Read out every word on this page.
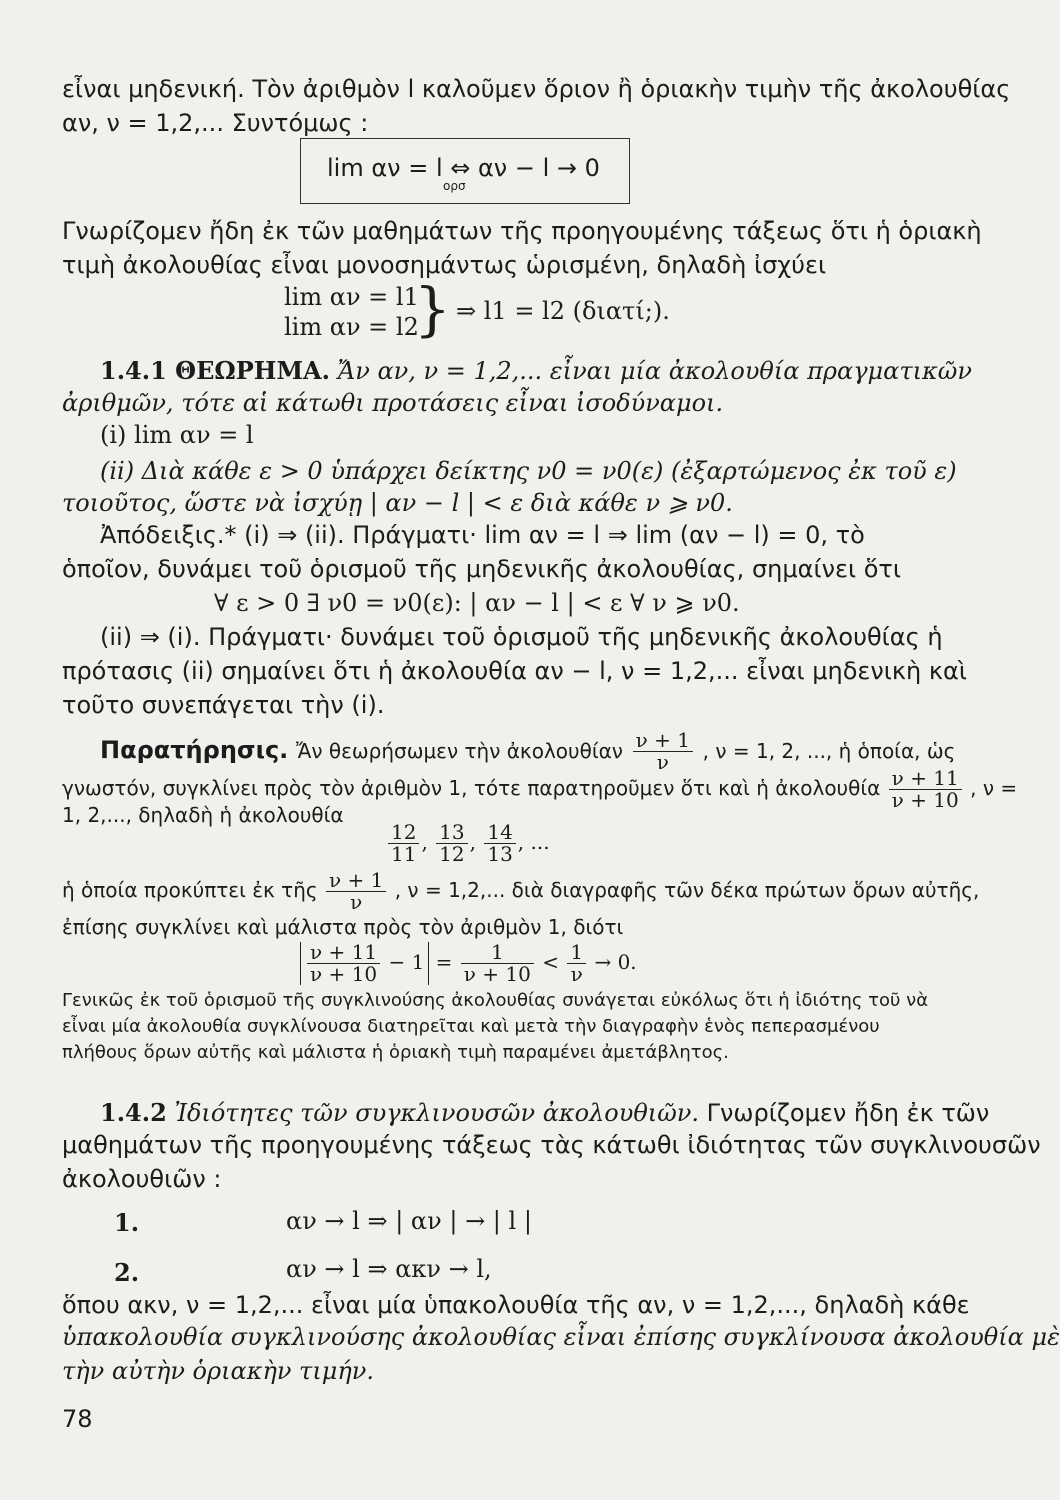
εἶναι μηδενική. Τὸν ἀριθμὸν l καλοῦμεν ὅριον ἢ ὁριακὴν τιμὴν τῆς ἀκολουθίας
αν, ν = 1,2,... Συντόμως :
lim αν = l ⇔ αν − l → 0
ορσ
Γνωρίζομεν ἤδη ἐκ τῶν μαθημάτων τῆς προηγουμένης τάξεως ὅτι ἡ ὁριακὴ
τιμὴ ἀκολουθίας εἶναι μονοσημάντως ὡρισμένη, δηλαδὴ ἰσχύει
lim αν = l1
lim αν = l2
} ⇒ l1 = l2 (διατί;).
1.4.1 ΘΕΩΡΗΜΑ. Ἄν αν, ν = 1,2,... εἶναι μία ἀκολουθία πραγματικῶν
ἀριθμῶν, τότε αἱ κάτωθι προτάσεις εἶναι ἰσοδύναμοι.
(i) lim αν = l
(ii) Διὰ κάθε ε > 0 ὑπάρχει δείκτης ν0 = ν0(ε) (ἐξαρτώμενος ἐκ τοῦ ε)
τοιοῦτος, ὥστε νὰ ἰσχύῃ | αν − l | < ε διὰ κάθε ν ⩾ ν0.
Ἀπόδειξις.* (i) ⇒ (ii). Πράγματι· lim αν = l ⇒ lim (αν − l) = 0, τὸ
ὁποῖον, δυνάμει τοῦ ὁρισμοῦ τῆς μηδενικῆς ἀκολουθίας, σημαίνει ὅτι
∀ ε > 0 ∃ ν0 = ν0(ε): | αν − l | < ε ∀ ν ⩾ ν0.
(ii) ⇒ (i). Πράγματι· δυνάμει τοῦ ὁρισμοῦ τῆς μηδενικῆς ἀκολουθίας ἡ
πρότασις (ii) σημαίνει ὅτι ἡ ἀκολουθία αν − l, ν = 1,2,... εἶναι μηδενικὴ καὶ
τοῦτο συνεπάγεται τὴν (i).
Παρατήρησις. Ἄν θεωρήσωμεν τὴν ἀκολουθίαν $\frac{\nu + 1}{\nu}$ , ν = 1, 2, ..., ἡ ὁποία, ὡς
γνωστόν, συγκλίνει πρὸς τὸν ἀριθμὸν 1, τότε παρατηροῦμεν ὅτι καὶ ἡ ἀκολουθία $\frac{\nu + 11}{\nu + 10}$ , ν =
1, 2,..., δηλαδὴ ἡ ἀκολουθία
$\frac{12}{11}$ , $\frac{13}{12}$ , $\frac{14}{13}$ , ...
ἡ ὁποία προκύπτει ἐκ τῆς $\frac{\nu + 1}{\nu}$ , ν = 1,2,... διὰ διαγραφῆς τῶν δέκα πρώτων ὅρων αὐτῆς,
ἐπίσης συγκλίνει καὶ μάλιστα πρὸς τὸν ἀριθμὸν 1, διότι
$\frac{\nu + 11}{\nu + 10} - 1 = \frac{1}{\nu + 10} < \frac{1}{\nu} \to 0$.
Γενικῶς ἐκ τοῦ ὁρισμοῦ τῆς συγκλινούσης ἀκολουθίας συνάγεται εὐκόλως ὅτι ἡ ἰδιότης τοῦ νὰ
εἶναι μία ἀκολουθία συγκλίνουσα διατηρεῖται καὶ μετὰ τὴν διαγραφὴν ἑνὸς πεπερασμένου
πλήθους ὅρων αὐτῆς καὶ μάλιστα ἡ ὁριακὴ τιμὴ παραμένει ἀμετάβλητος.
1.4.2 Ἰδιότητες τῶν συγκλινουσῶν ἀκολουθιῶν. Γνωρίζομεν ἤδη ἐκ τῶν
μαθημάτων τῆς προηγουμένης τάξεως τὰς κάτωθι ἰδιότητας τῶν συγκλινουσῶν
ἀκολουθιῶν :
1.	αν → l ⇒ | αν | → | l |
2.	αν → l ⇒ ακν → l,
ὅπου ακν, ν = 1,2,... εἶναι μία ὑπακολουθία τῆς αν, ν = 1,2,..., δηλαδὴ κάθε
ὑπακολουθία συγκλινούσης ἀκολουθίας εἶναι ἐπίσης συγκλίνουσα ἀκολουθία μὲ
τὴν αὐτὴν ὁριακὴν τιμήν.
78
